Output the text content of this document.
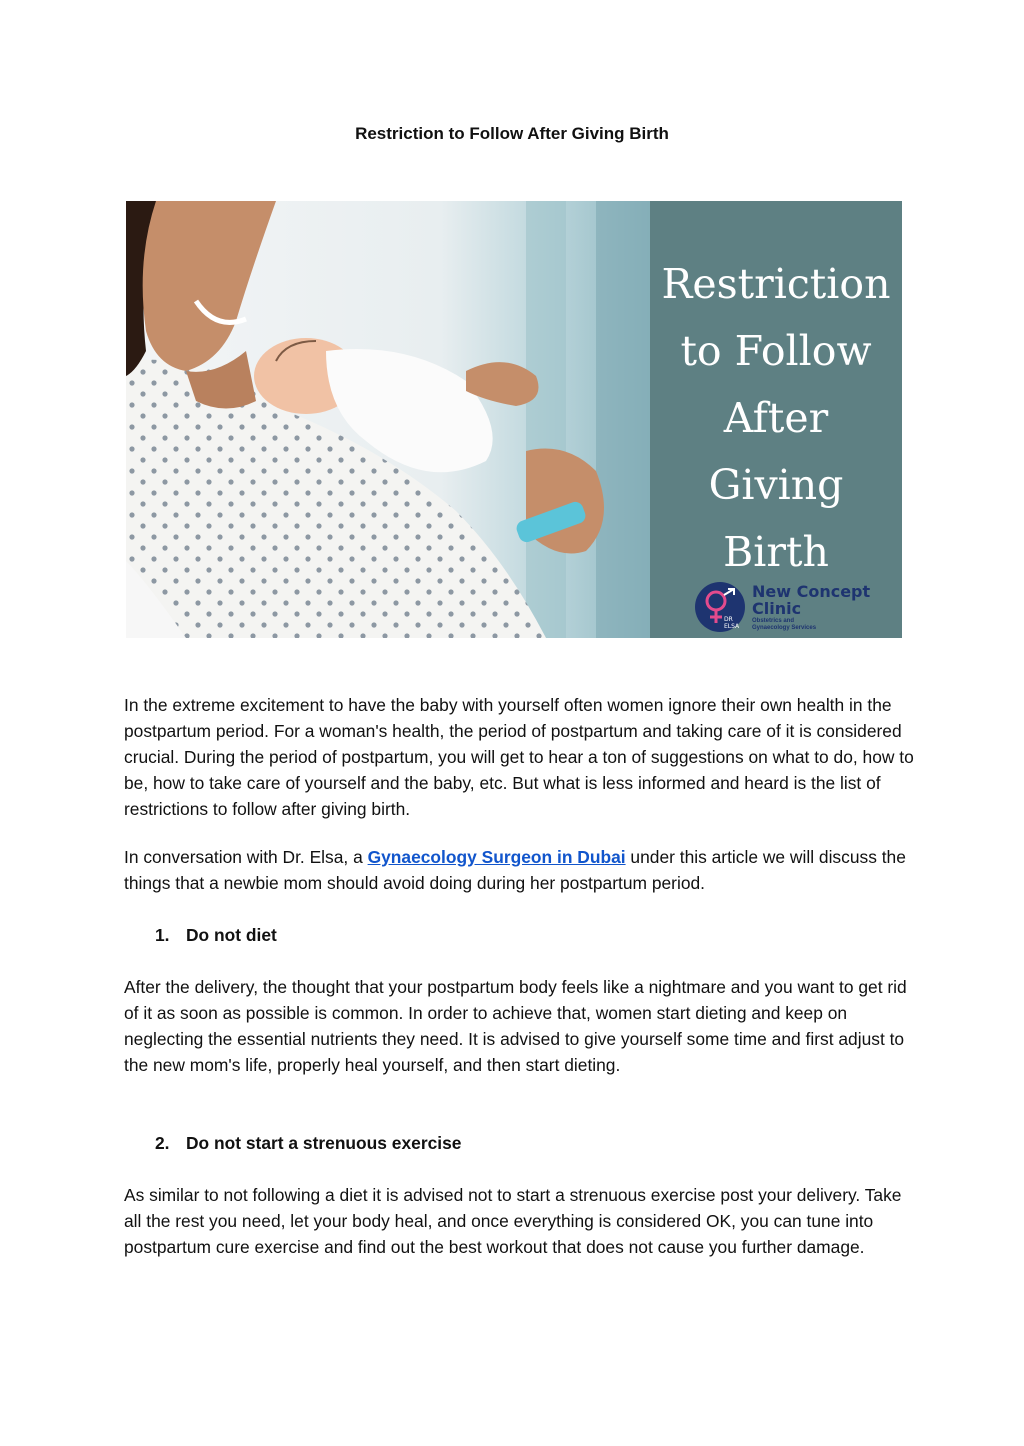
Restriction to Follow After Giving Birth
Restriction
to Follow
After Giving
Birth
DR
ELSA
New Concept
Clinic
Obstetrics and
Gynaecology Services

In the extreme excitement to have the baby with yourself often women ignore their own health in the postpartum period. For a woman's health, the period of postpartum and taking care of it is considered crucial. During the period of postpartum, you will get to hear a ton of suggestions on what to do, how to be, how to take care of yourself and the baby, etc. But what is less informed and heard is the list of restrictions to follow after giving birth.

In conversation with Dr. Elsa, a Gynaecology Surgeon in Dubai under this article we will discuss the things that a newbie mom should avoid doing during her postpartum period.

1. Do not diet

After the delivery, the thought that your postpartum body feels like a nightmare and you want to get rid of it as soon as possible is common. In order to achieve that, women start dieting and keep on neglecting the essential nutrients they need. It is advised to give yourself some time and first adjust to the new mom's life, properly heal yourself, and then start dieting.

2. Do not start a strenuous exercise

As similar to not following a diet it is advised not to start a strenuous exercise post your delivery. Take all the rest you need, let your body heal, and once everything is considered OK, you can tune into postpartum cure exercise and find out the best workout that does not cause you further damage.
